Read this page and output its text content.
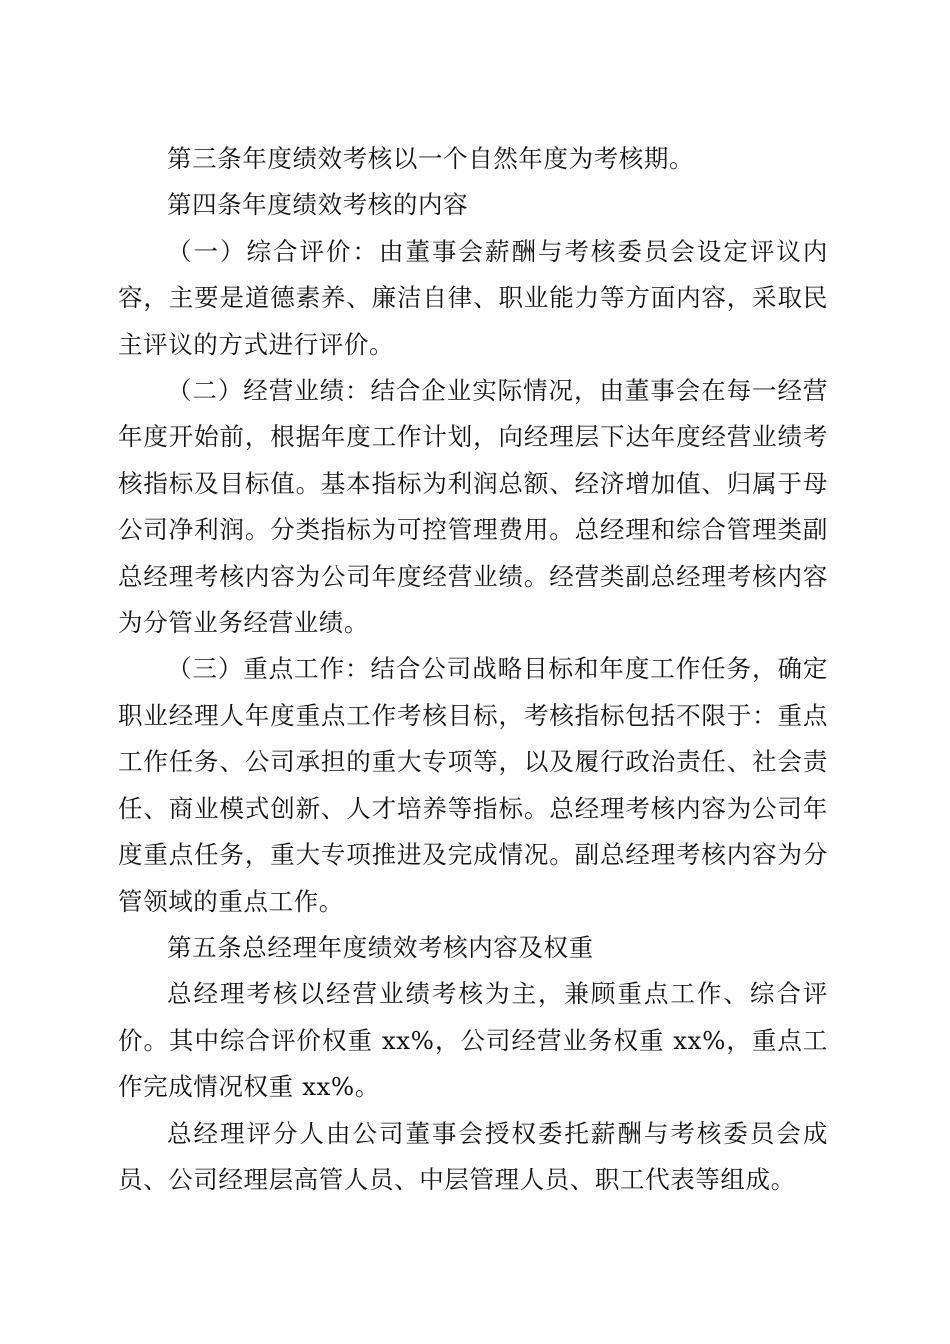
第三条年度绩效考核以一个自然年度为考核期。

第四条年度绩效考核的内容

（一）综合评价：由董事会薪酬与考核委员会设定评议内容，主要是道德素养、廉洁自律、职业能力等方面内容，采取民主评议的方式进行评价。

（二）经营业绩：结合企业实际情况，由董事会在每一经营年度开始前，根据年度工作计划，向经理层下达年度经营业绩考核指标及目标值。基本指标为利润总额、经济增加值、归属于母公司净利润。分类指标为可控管理费用。总经理和综合管理类副总经理考核内容为公司年度经营业绩。经营类副总经理考核内容为分管业务经营业绩。

（三）重点工作：结合公司战略目标和年度工作任务，确定职业经理人年度重点工作考核目标，考核指标包括不限于：重点工作任务、公司承担的重大专项等，以及履行政治责任、社会责任、商业模式创新、人才培养等指标。总经理考核内容为公司年度重点任务，重大专项推进及完成情况。副总经理考核内容为分管领域的重点工作。

第五条总经理年度绩效考核内容及权重

总经理考核以经营业绩考核为主，兼顾重点工作、综合评价。其中综合评价权重 xx%，公司经营业务权重 xx%，重点工作完成情况权重 xx%。

总经理评分人由公司董事会授权委托薪酬与考核委员会成员、公司经理层高管人员、中层管理人员、职工代表等组成。
